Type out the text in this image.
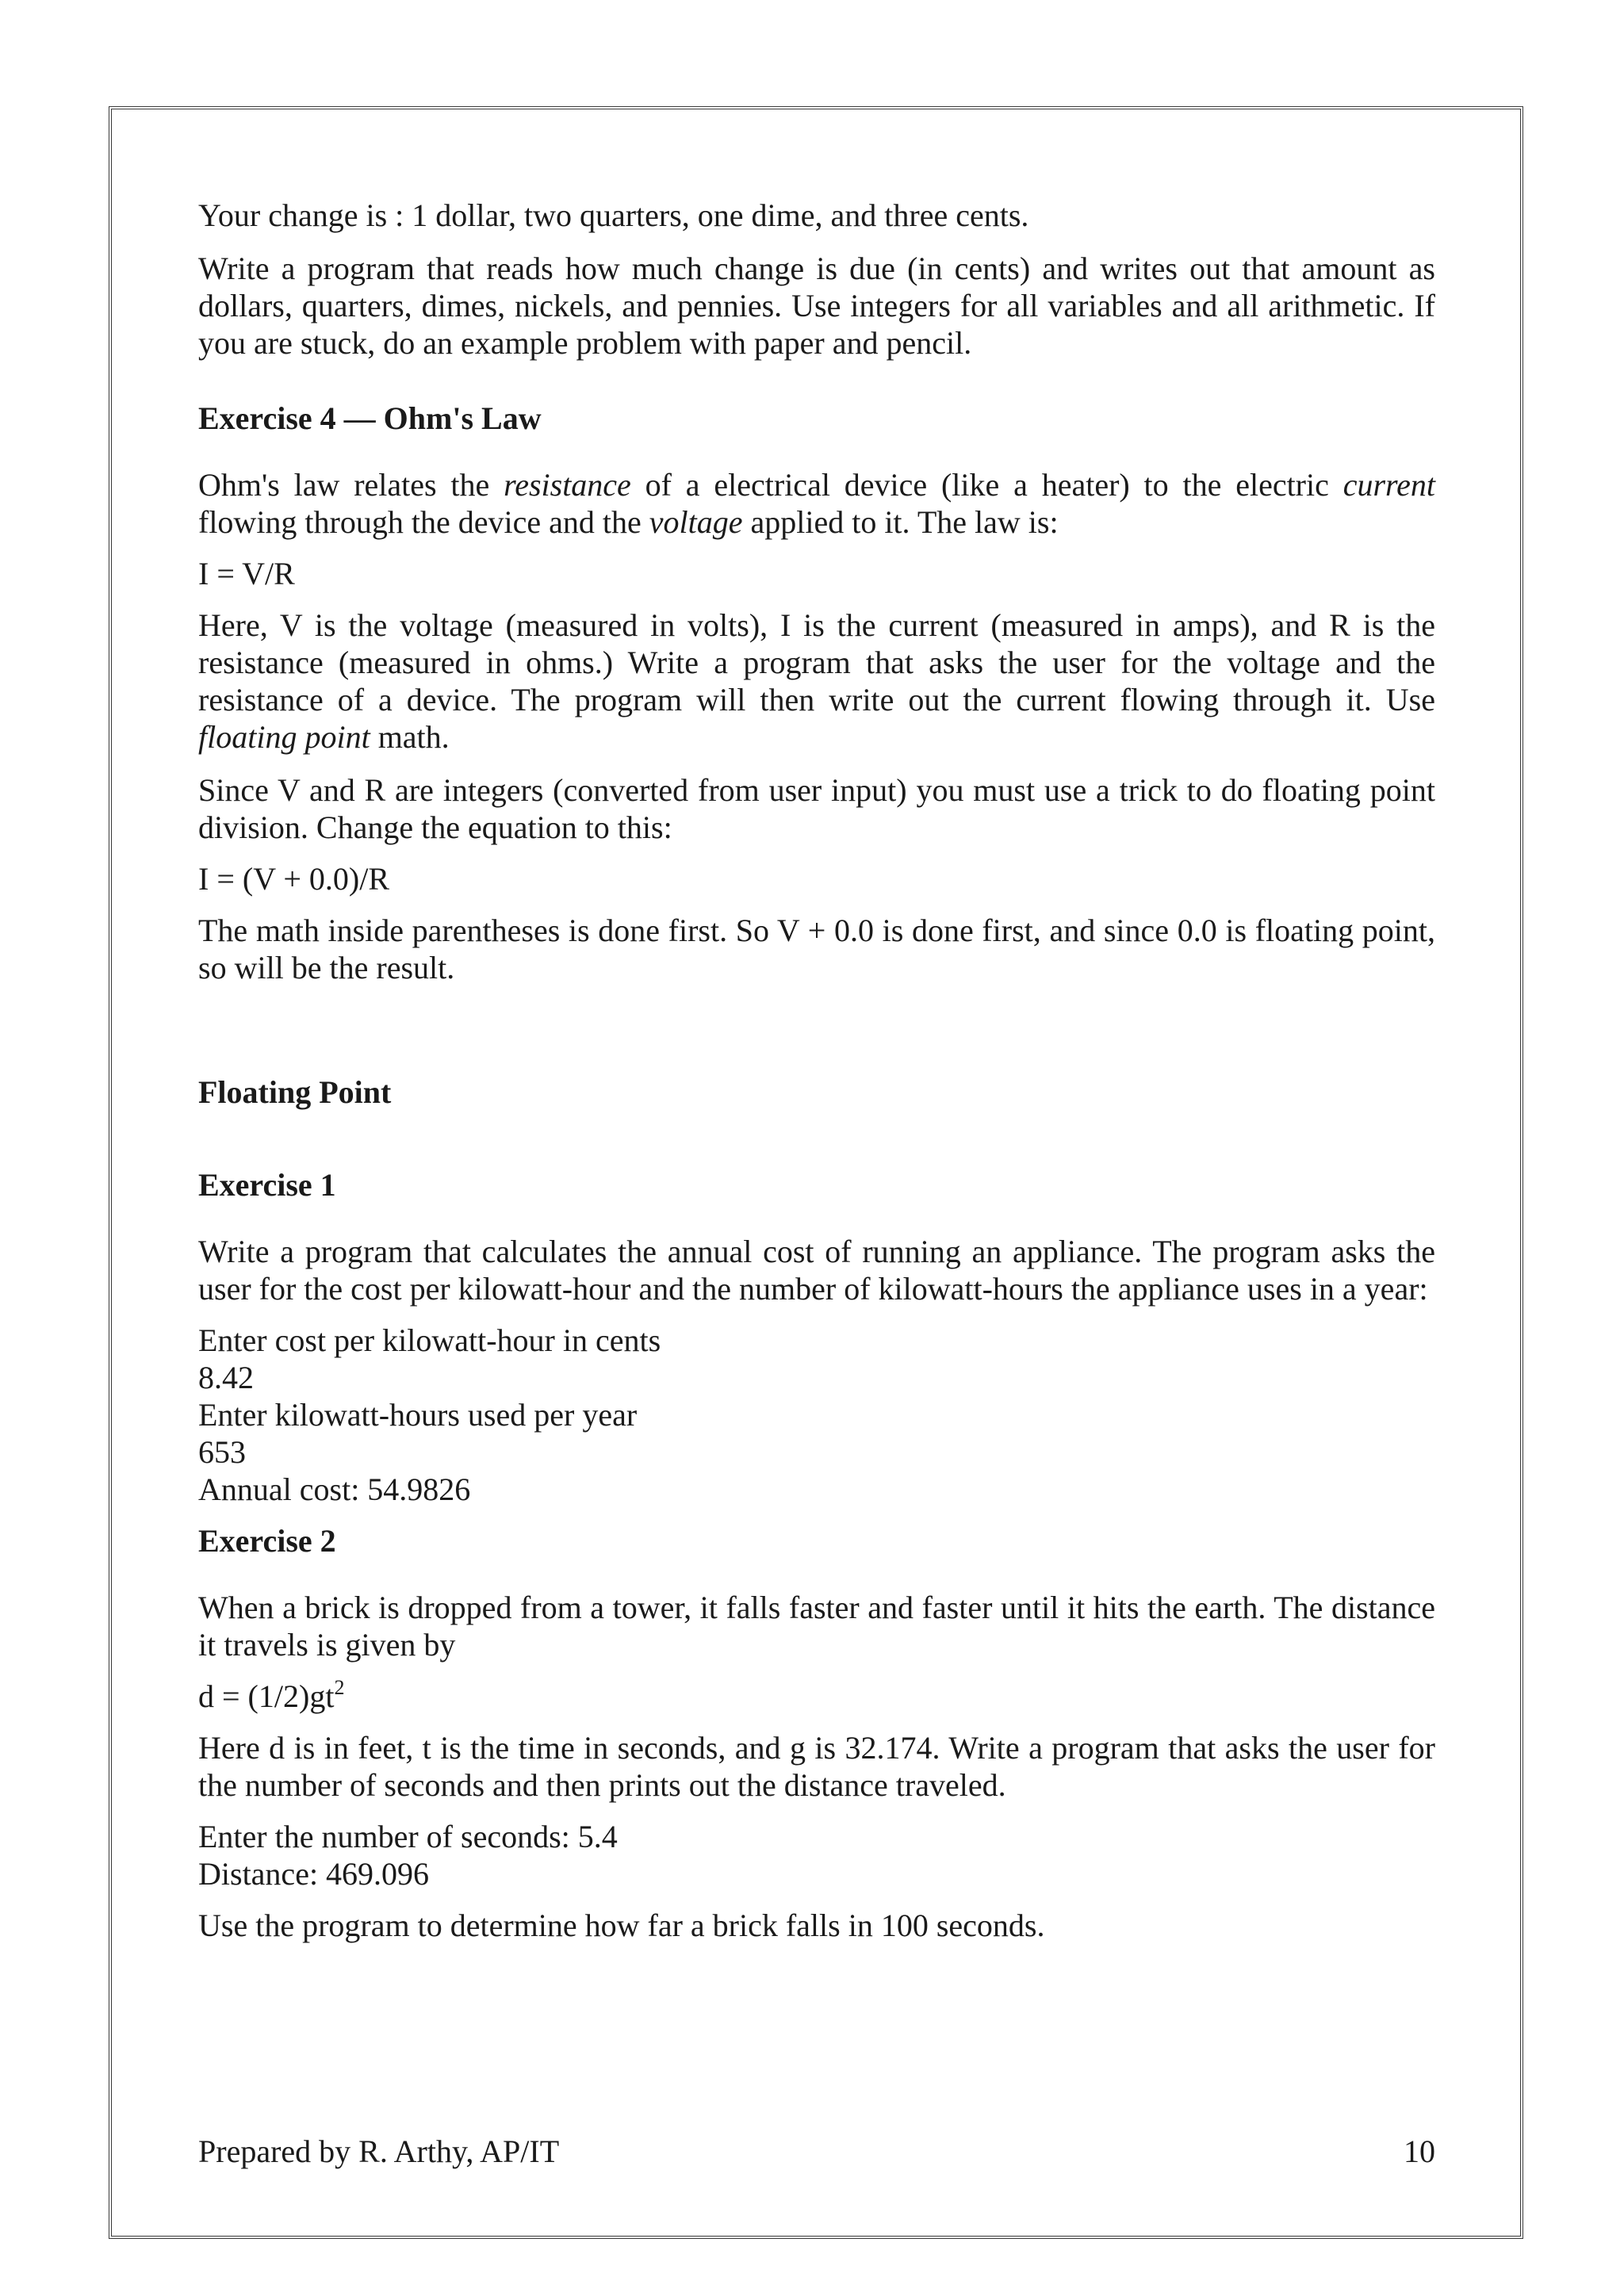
Your change is : 1 dollar, two quarters, one dime, and three cents.

Write a program that reads how much change is due (in cents) and writes out that amount as dollars, quarters, dimes, nickels, and pennies. Use integers for all variables and all arithmetic. If you are stuck, do an example problem with paper and pencil.

Exercise 4 — Ohm's Law

Ohm's law relates the resistance of a electrical device (like a heater) to the electric current flowing through the device and the voltage applied to it. The law is:

I = V/R

Here, V is the voltage (measured in volts), I is the current (measured in amps), and R is the resistance (measured in ohms.) Write a program that asks the user for the voltage and the resistance of a device. The program will then write out the current flowing through it. Use floating point math.

Since V and R are integers (converted from user input) you must use a trick to do floating point division. Change the equation to this:

I = (V + 0.0)/R

The math inside parentheses is done first. So V + 0.0 is done first, and since 0.0 is floating point, so will be the result.

Floating Point
Exercise 1

Write a program that calculates the annual cost of running an appliance. The program asks the user for the cost per kilowatt-hour and the number of kilowatt-hours the appliance uses in a year:

Enter cost per kilowatt-hour in cents
8.42
Enter kilowatt-hours used per year
653
Annual cost: 54.9826
Exercise 2

When a brick is dropped from a tower, it falls faster and faster until it hits the earth. The distance it travels is given by

$d = (1/2)gt^2$

Here d is in feet, t is the time in seconds, and g is 32.174. Write a program that asks the user for the number of seconds and then prints out the distance traveled.

Enter the number of seconds: 5.4
Distance: 469.096

Use the program to determine how far a brick falls in 100 seconds.

Prepared by R. Arthy, AP/IT	10
